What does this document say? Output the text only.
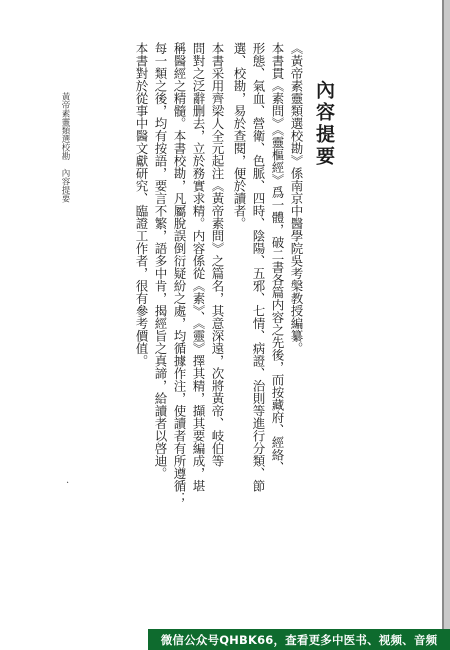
內容提要
《黃帝素靈類選校勘》係南京中醫學院吳考槃教授編纂。
本書貫《素問》《靈樞經》爲一體，破二書各篇内容之先後，而按藏府、經絡、
形態、氣血、營衛、色脈、四時、陰陽、五邪、七情、病證、治則等進行分類、節
選、校勘，易於查閱，便於讀者。
本書采用齊梁人全元起注《黃帝素問》之篇名，其意深遠，次將黃帝、岐伯等
問對之泛辭删去，立於務實求精。内容係從《素》、《靈》擇其精，擷其要編成，堪
稱醫經之精髓。本書校勘，凡屬脫誤倒衍疑紛之處，均循據作注，使讀者有所遵循；
每一類之後，均有按語，要言不繁，語多中肯，揭經旨之真諦，給讀者以啓迪。
本書對於從事中醫文獻研究、臨證工作者，很有參考價值。
黃帝素靈類選校勘　內容提要
·
微信公众号QHBK66，查看更多中医书、视频、音频
